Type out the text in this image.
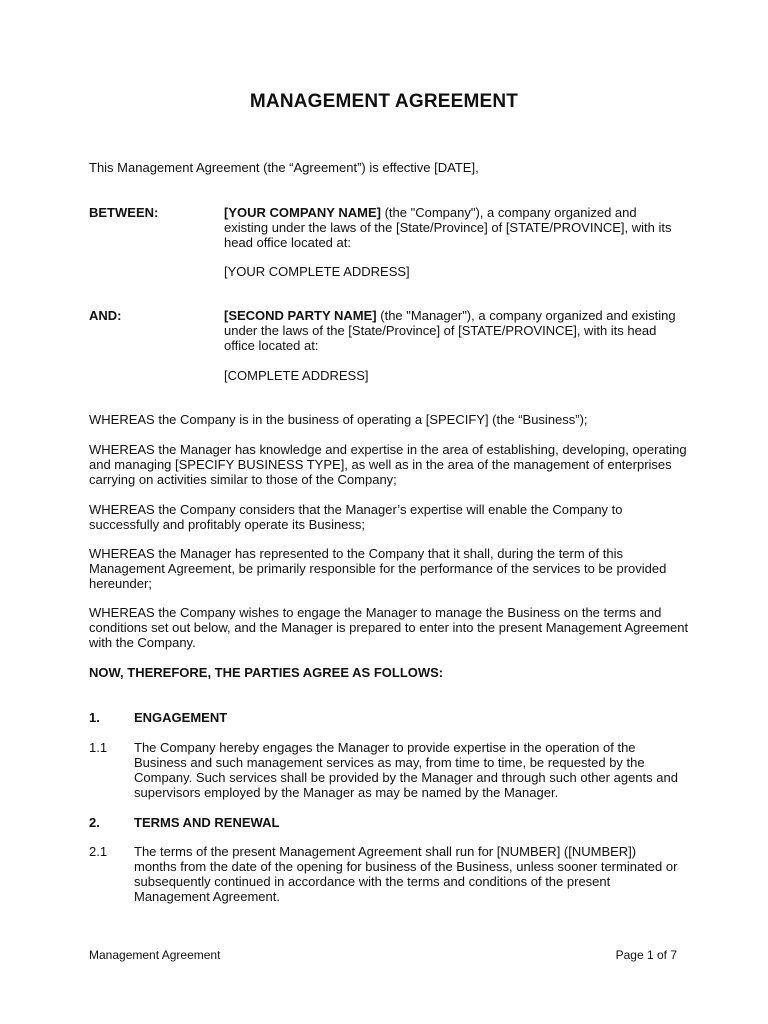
MANAGEMENT AGREEMENT
This Management Agreement (the “Agreement”) is effective [DATE],
BETWEEN:	[YOUR COMPANY NAME] (the "Company"), a company organized and existing under the laws of the [State/Province] of [STATE/PROVINCE], with its head office located at:
[YOUR COMPLETE ADDRESS]
AND:	[SECOND PARTY NAME] (the "Manager"), a company organized and existing under the laws of the [State/Province] of [STATE/PROVINCE], with its head office located at:
[COMPLETE ADDRESS]
WHEREAS the Company is in the business of operating a [SPECIFY] (the “Business”);
WHEREAS the Manager has knowledge and expertise in the area of establishing, developing, operating and managing [SPECIFY BUSINESS TYPE], as well as in the area of the management of enterprises carrying on activities similar to those of the Company;
WHEREAS the Company considers that the Manager’s expertise will enable the Company to successfully and profitably operate its Business;
WHEREAS the Manager has represented to the Company that it shall, during the term of this Management Agreement, be primarily responsible for the performance of the services to be provided hereunder;
WHEREAS the Company wishes to engage the Manager to manage the Business on the terms and conditions set out below, and the Manager is prepared to enter into the present Management Agreement with the Company.
NOW, THEREFORE, THE PARTIES AGREE AS FOLLOWS:
1.	ENGAGEMENT
1.1 The Company hereby engages the Manager to provide expertise in the operation of the Business and such management services as may, from time to time, be requested by the Company. Such services shall be provided by the Manager and through such other agents and supervisors employed by the Manager as may be named by the Manager.
2.	TERMS AND RENEWAL
2.1 The terms of the present Management Agreement shall run for [NUMBER] ([NUMBER]) months from the date of the opening for business of the Business, unless sooner terminated or subsequently continued in accordance with the terms and conditions of the present Management Agreement.
Management Agreement	Page 1 of 7
